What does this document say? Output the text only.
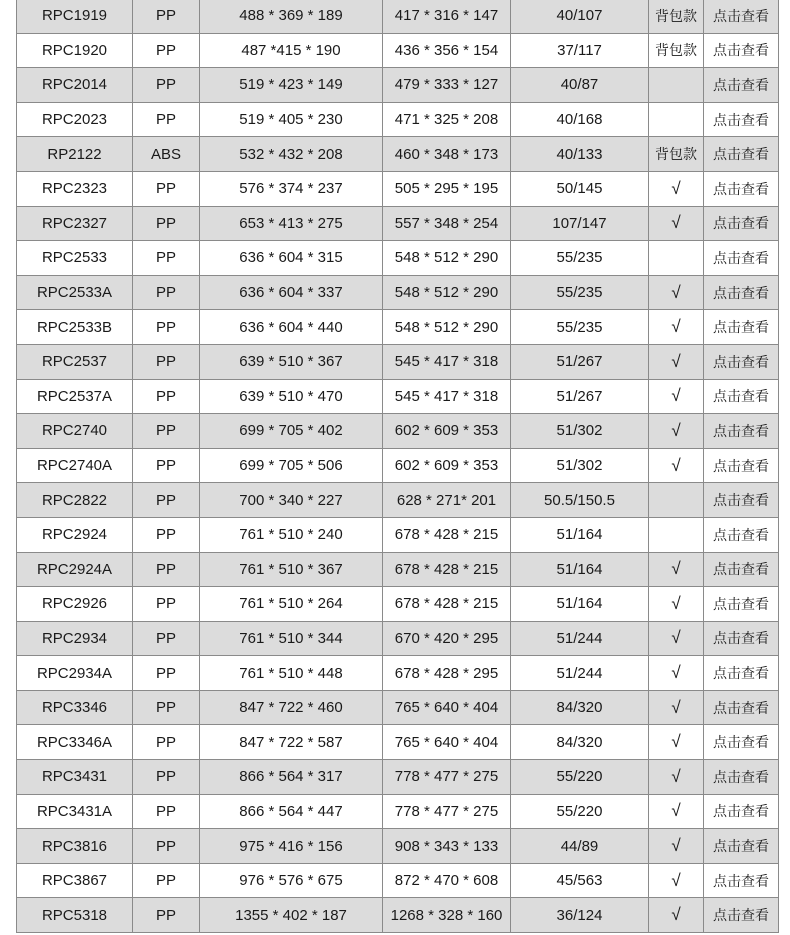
RPC1919	PP	488 * 369 * 189	417 * 316 * 147	40/107	背包款	点击查看
RPC1920	PP	487 *415 * 190	436 * 356 * 154	37/117	背包款	点击查看
RPC2014	PP	519 * 423 * 149	479 * 333 * 127	40/87		点击查看
RPC2023	PP	519 * 405 * 230	471 * 325 * 208	40/168		点击查看
RP2122	ABS	532 * 432 * 208	460 * 348 * 173	40/133	背包款	点击查看
RPC2323	PP	576 * 374 * 237	505 * 295 * 195	50/145	√	点击查看
RPC2327	PP	653 * 413 * 275	557 * 348 * 254	107/147	√	点击查看
RPC2533	PP	636 * 604 * 315	548 * 512 * 290	55/235		点击查看
RPC2533A	PP	636 * 604 * 337	548 * 512 * 290	55/235	√	点击查看
RPC2533B	PP	636 * 604 * 440	548 * 512 * 290	55/235	√	点击查看
RPC2537	PP	639 * 510 * 367	545 * 417 * 318	51/267	√	点击查看
RPC2537A	PP	639 * 510 * 470	545 * 417 * 318	51/267	√	点击查看
RPC2740	PP	699 * 705 * 402	602 * 609 * 353	51/302	√	点击查看
RPC2740A	PP	699 * 705 * 506	602 * 609 * 353	51/302	√	点击查看
RPC2822	PP	700 * 340 * 227	628 * 271* 201	50.5/150.5		点击查看
RPC2924	PP	761 * 510 * 240	678 * 428 * 215	51/164		点击查看
RPC2924A	PP	761 * 510 * 367	678 * 428 * 215	51/164	√	点击查看
RPC2926	PP	761 * 510 * 264	678 * 428 * 215	51/164	√	点击查看
RPC2934	PP	761 * 510 * 344	670 * 420 * 295	51/244	√	点击查看
RPC2934A	PP	761 * 510 * 448	678 * 428 * 295	51/244	√	点击查看
RPC3346	PP	847 * 722 * 460	765 * 640 * 404	84/320	√	点击查看
RPC3346A	PP	847 * 722 * 587	765 * 640 * 404	84/320	√	点击查看
RPC3431	PP	866 * 564 * 317	778 * 477 * 275	55/220	√	点击查看
RPC3431A	PP	866 * 564 * 447	778 * 477 * 275	55/220	√	点击查看
RPC3816	PP	975 * 416 * 156	908 * 343 * 133	44/89	√	点击查看
RPC3867	PP	976 * 576 * 675	872 * 470 * 608	45/563	√	点击查看
RPC5318	PP	1355 * 402 * 187	1268 * 328 * 160	36/124	√	点击查看
